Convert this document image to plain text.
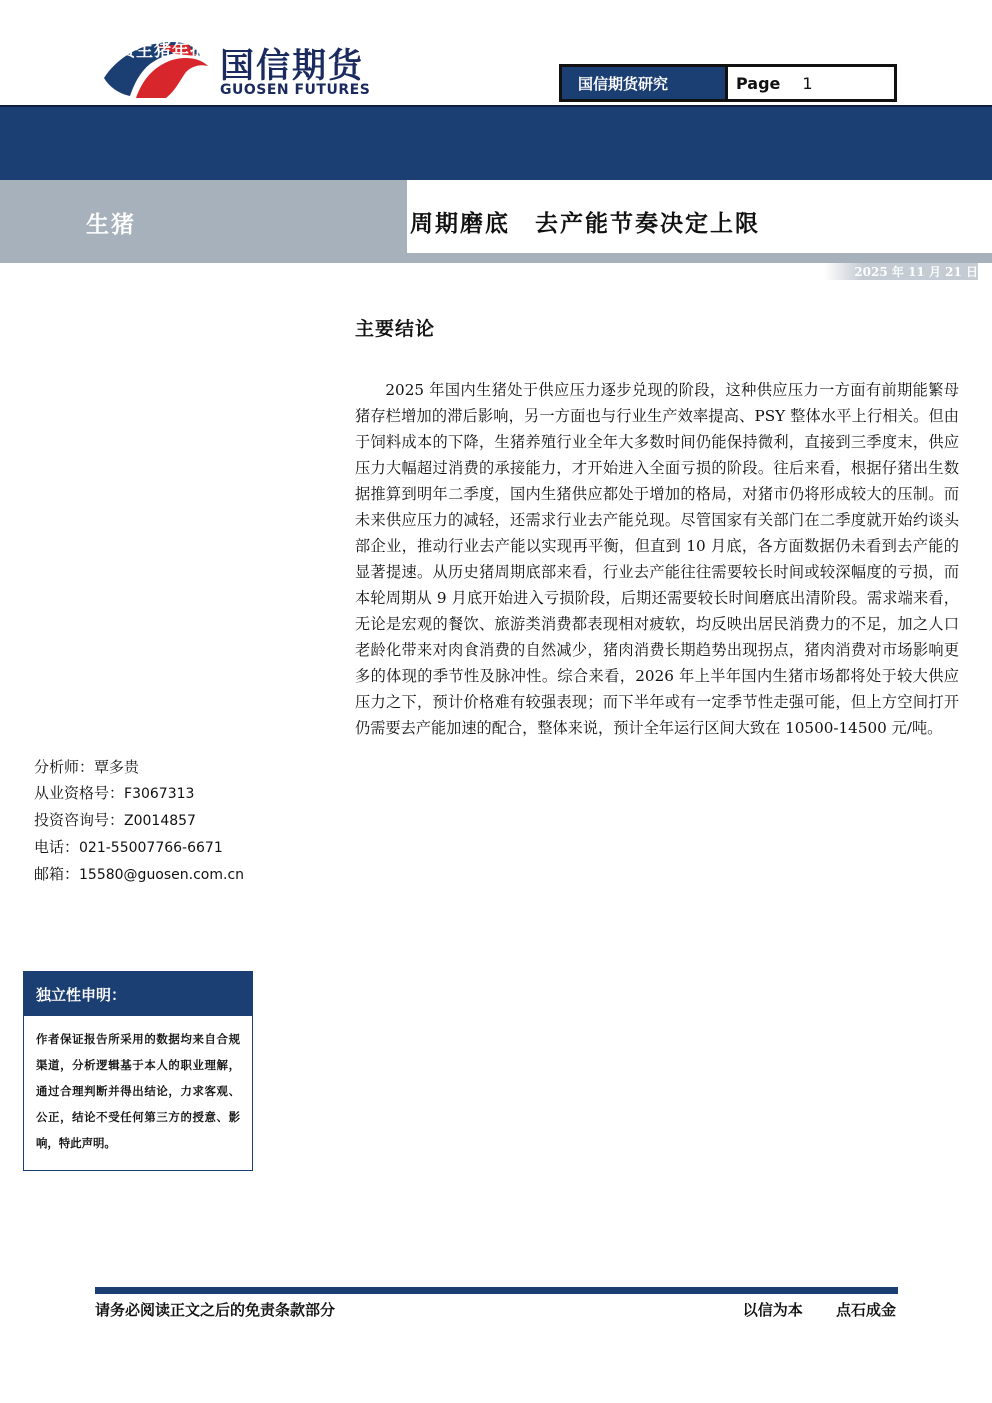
国信期货
GUOSEN FUTURES	国信期货研究	Page 1
国信期货生猪年报
生猪	周期磨底　去产能节奏决定上限
2025 年 11 月 21 日
主要结论

2025 年国内生猪处于供应压力逐步兑现的阶段，这种供应压力一方面有前期能繁母猪存栏增加的滞后影响，另一方面也与行业生产效率提高、PSY 整体水平上行相关。但由于饲料成本的下降，生猪养殖行业全年大多数时间仍能保持微利，直接到三季度末，供应压力大幅超过消费的承接能力，才开始进入全面亏损的阶段。往后来看，根据仔猪出生数据推算到明年二季度，国内生猪供应都处于增加的格局，对猪市仍将形成较大的压制。而未来供应压力的减轻，还需求行业去产能兑现。尽管国家有关部门在二季度就开始约谈头部企业，推动行业去产能以实现再平衡，但直到 10 月底，各方面数据仍未看到去产能的显著提速。从历史猪周期底部来看，行业去产能往往需要较长时间或较深幅度的亏损，而本轮周期从 9 月底开始进入亏损阶段，后期还需要较长时间磨底出清阶段。需求端来看，无论是宏观的餐饮、旅游类消费都表现相对疲软，均反映出居民消费力的不足，加之人口老龄化带来对肉食消费的自然减少，猪肉消费长期趋势出现拐点，猪肉消费对市场影响更多的体现的季节性及脉冲性。综合来看，2026 年上半年国内生猪市场都将处于较大供应压力之下，预计价格难有较强表现；而下半年或有一定季节性走强可能，但上方空间打开仍需要去产能加速的配合，整体来说，预计全年运行区间大致在 10500-14500 元/吨。

分析师：覃多贵
从业资格号：F3067313
投资咨询号：Z0014857
电话：021-55007766-6671
邮箱：15580@guosen.com.cn
独立性申明：
作者保证报告所采用的数据均来自合规渠道，分析逻辑基于本人的职业理解，通过合理判断并得出结论，力求客观、公正，结论不受任何第三方的授意、影响，特此声明。
请务必阅读正文之后的免责条款部分	以信为本 点石成金
